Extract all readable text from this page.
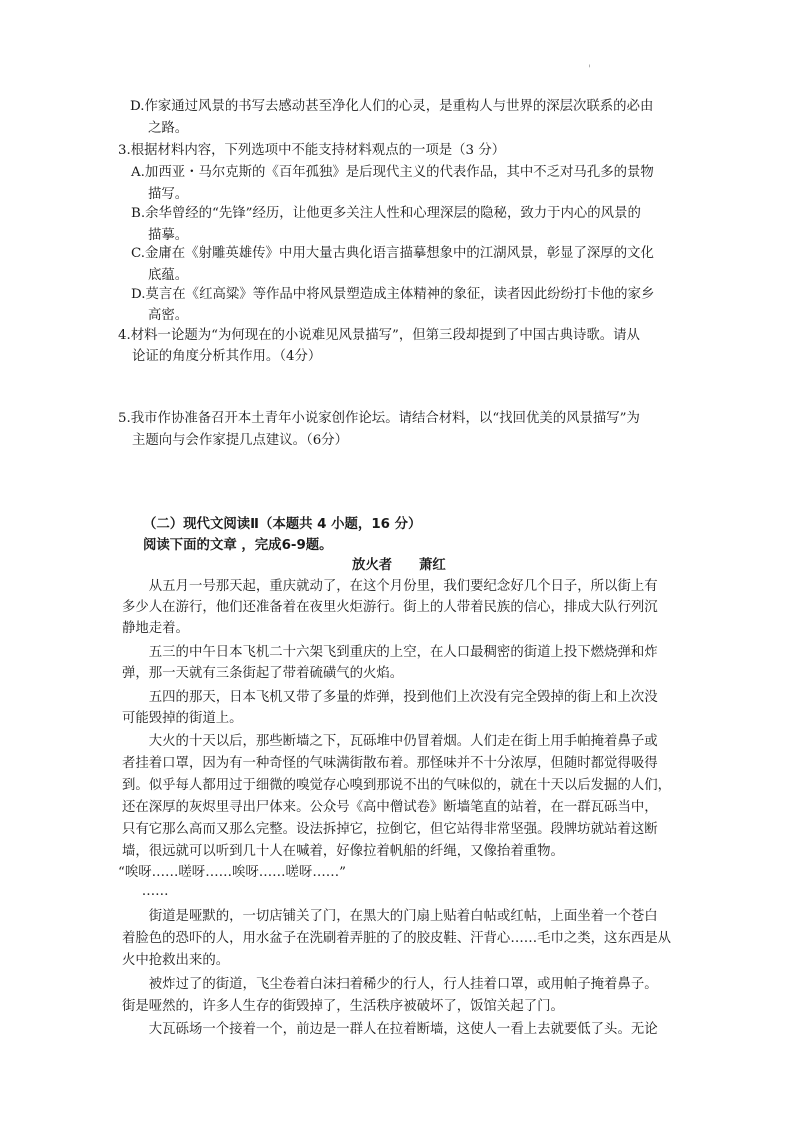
'
D.作家通过风景的书写去感动甚至净化人们的心灵，是重构人与世界的深层次联系的必由
之路。
3.根据材料内容，下列选项中不能支持材料观点的一项是（3 分）
A.加西亚・马尔克斯的《百年孤独》是后现代主义的代表作品，其中不乏对马孔多的景物
描写。
B.余华曾经的“先锋”经历，让他更多关注人性和心理深层的隐秘，致力于内心的风景的
描摹。
C.金庸在《射雕英雄传》中用大量古典化语言描摹想象中的江湖风景，彰显了深厚的文化
底蕴。
D.莫言在《红高粱》等作品中将风景塑造成主体精神的象征，读者因此纷纷打卡他的家乡
高密。
4.材料一论题为“为何现在的小说难见风景描写”，但第三段却提到了中国古典诗歌。请从
论证的角度分析其作用。（4分）
5.我市作协准备召开本土青年小说家创作论坛。请结合材料，以“找回优美的风景描写”为
主题向与会作家提几点建议。（6分）
（二）现代文阅读Ⅱ（本题共 4 小题，16 分）
阅读下面的文章 ，完成6-9题。
放火者　　萧红
　　从五月一号那天起，重庆就动了，在这个月份里，我们要纪念好几个日子，所以街上有
多少人在游行，他们还准备着在夜里火炬游行。街上的人带着民族的信心，排成大队行列沉
静地走着。
　　五三的中午日本飞机二十六架飞到重庆的上空，在人口最稠密的街道上投下燃烧弹和炸
弹，那一天就有三条街起了带着硫磺气的火焰。
　　五四的那天，日本飞机又带了多量的炸弹，投到他们上次没有完全毁掉的街上和上次没
可能毁掉的街道上。
　　大火的十天以后，那些断墙之下，瓦砾堆中仍冒着烟。人们走在街上用手帕掩着鼻子或
者挂着口罩，因为有一种奇怪的气味满街散布着。那怪味并不十分浓厚，但随时都觉得吸得
到。似乎每人都用过于细微的嗅觉存心嗅到那说不出的气味似的，就在十天以后发掘的人们，
还在深厚的灰烬里寻出尸体来。公众号《高中僧试卷》断墙笔直的站着，在一群瓦砾当中，
只有它那么高而又那么完整。设法拆掉它，拉倒它，但它站得非常坚强。段牌坊就站着这断
墙，很远就可以听到几十人在喊着，好像拉着帆船的纤绳，又像抬着重物。
“唉呀……嗟呀……唉呀……嗟呀……”
　　……
　　街道是哑默的，一切店铺关了门，在黑大的门扇上贴着白帖或红帖，上面坐着一个苍白
着脸色的恐吓的人，用水盆子在洗刷着弄脏的了的胶皮鞋、汗背心……毛巾之类，这东西是从
火中抢救出来的。
　　被炸过了的街道，飞尘卷着白沫扫着稀少的行人，行人挂着口罩，或用帕子掩着鼻子。
街是哑然的，许多人生存的街毁掉了，生活秩序被破坏了，饭馆关起了门。
　　大瓦砾场一个接着一个，前边是一群人在拉着断墙，这使人一看上去就要低了头。无论
